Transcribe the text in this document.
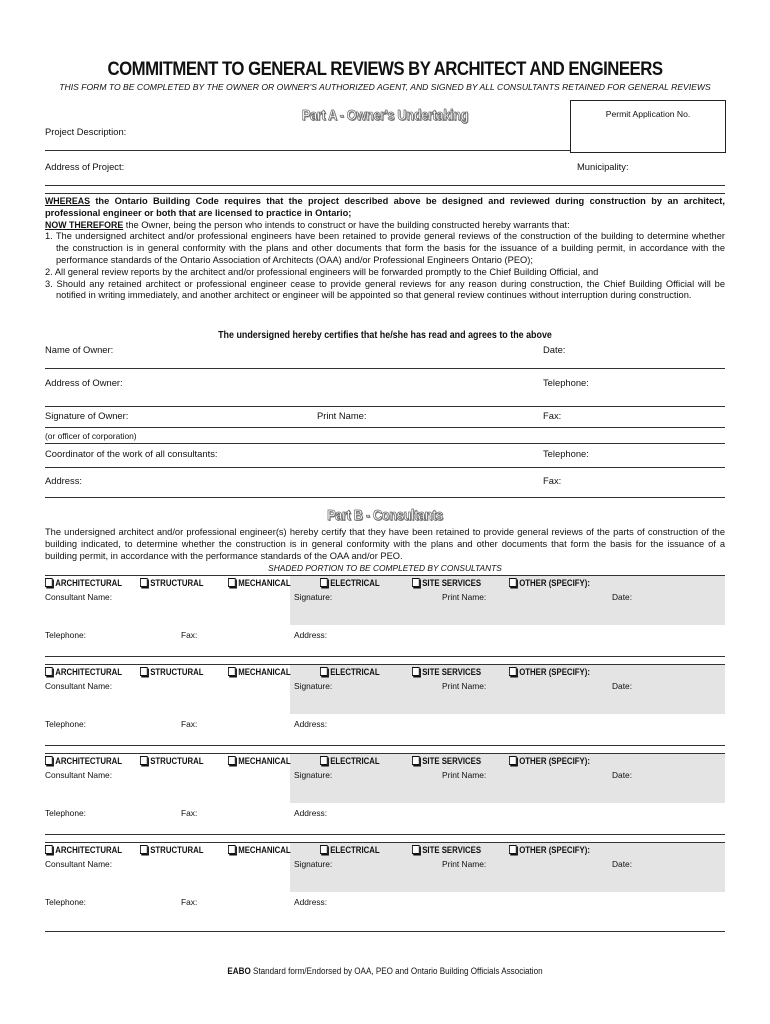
COMMITMENT TO GENERAL REVIEWS BY ARCHITECT AND ENGINEERS
THIS FORM TO BE COMPLETED BY THE OWNER OR OWNER'S AUTHORIZED AGENT, AND SIGNED BY ALL CONSULTANTS RETAINED FOR GENERAL REVIEWS
Part A - Owner's Undertaking	Permit Application No.
Project Description:
Address of Project:	Municipality:

WHEREAS the Ontario Building Code requires that the project described above be designed and reviewed during construction by an architect, professional engineer or both that are licensed to practice in Ontario;

NOW THEREFORE the Owner, being the person who intends to construct or have the building constructed hereby warrants that:

1. The undersigned architect and/or professional engineers have been retained to provide general reviews of the construction of the building to determine whether the construction is in general conformity with the plans and other documents that form the basis for the issuance of a building permit, in accordance with the performance standards of the Ontario Association of Architects (OAA) and/or Professional Engineers Ontario (PEO);

2. All general review reports by the architect and/or professional engineers will be forwarded promptly to the Chief Building Official, and

3. Should any retained architect or professional engineer cease to provide general reviews for any reason during construction, the Chief Building Official will be notified in writing immediately, and another architect or engineer will be appointed so that general review continues without interruption during construction.

The undersigned hereby certifies that he/she has read and agrees to the above
Name of Owner:	Date:
Address of Owner:	Telephone:
Signature of Owner:	Print Name:	Fax:
(or officer of corporation)
Coordinator of the work of all consultants:	Telephone:
Address:	Fax:
Part B - Consultants
The undersigned architect and/or professional engineer(s) hereby certify that they have been retained to provide general reviews of the parts of construction of the building indicated, to determine whether the construction is in general conformity with the plans and other documents that form the basis for the issuance of a building permit, in accordance with the performance standards of the OAA and/or PEO.
SHADED PORTION TO BE COMPLETED BY CONSULTANTS
ARCHITECTURAL	STRUCTURAL	MECHANICAL	ELECTRICAL	SITE SERVICES	OTHER (SPECIFY):
Consultant Name:	Signature:	Print Name:	Date:
Telephone:	Fax:	Address:
ARCHITECTURAL	STRUCTURAL	MECHANICAL	ELECTRICAL	SITE SERVICES	OTHER (SPECIFY):
Consultant Name:	Signature:	Print Name:	Date:
Telephone:	Fax:	Address:
ARCHITECTURAL	STRUCTURAL	MECHANICAL	ELECTRICAL	SITE SERVICES	OTHER (SPECIFY):
Consultant Name:	Signature:	Print Name:	Date:
Telephone:	Fax:	Address:
ARCHITECTURAL	STRUCTURAL	MECHANICAL	ELECTRICAL	SITE SERVICES	OTHER (SPECIFY):
Consultant Name:	Signature:	Print Name:	Date:
Telephone:	Fax:	Address:
EABO Standard form/Endorsed by OAA, PEO and Ontario Building Officials Association
